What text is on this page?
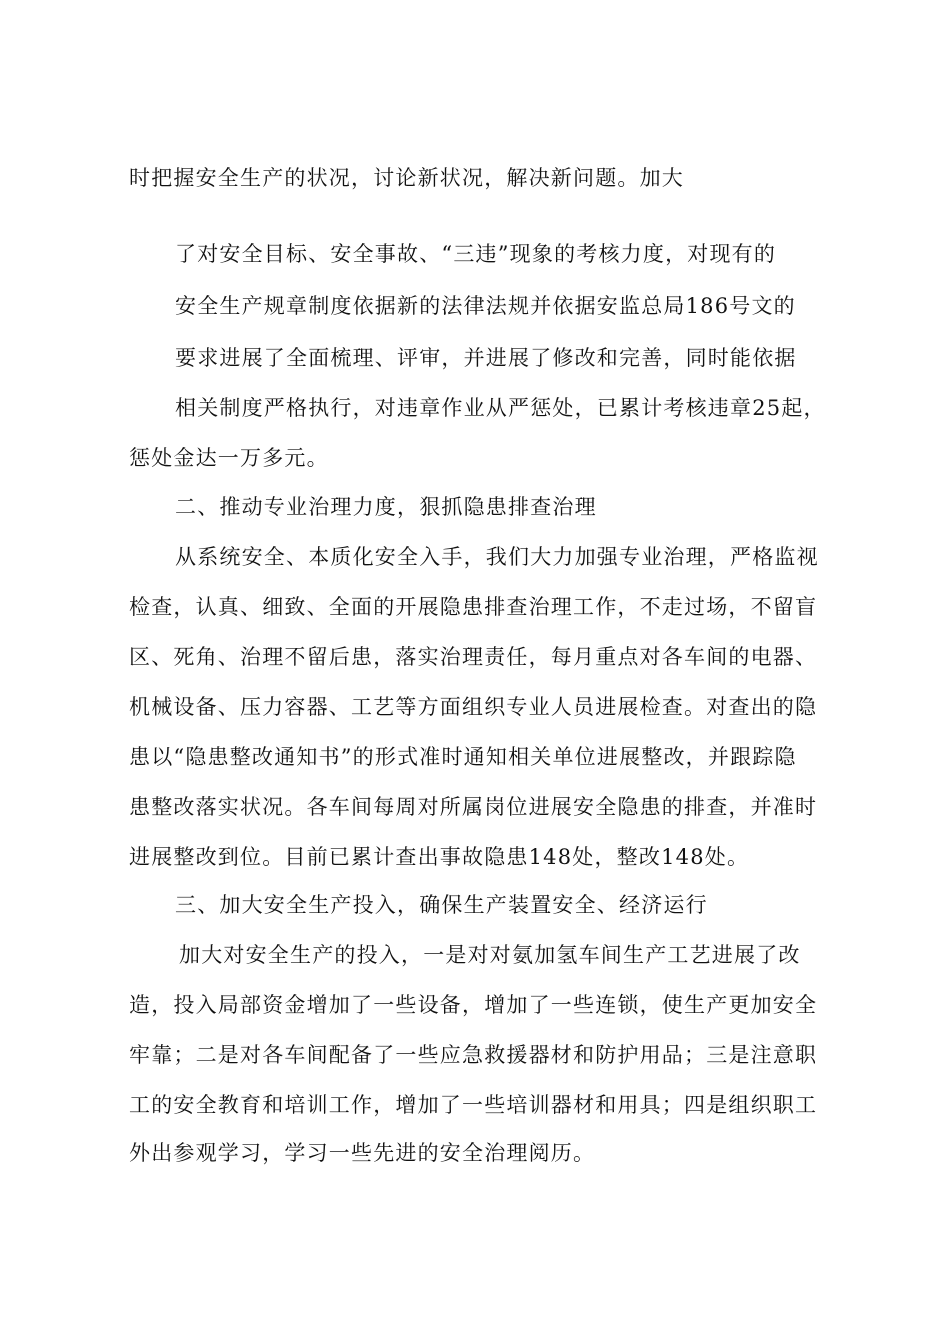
时把握安全生产的状况，讨论新状况，解决新问题。加大
了对安全目标、安全事故、“三违”现象的考核力度，对现有的
安全生产规章制度依据新的法律法规并依据安监总局186号文的
要求进展了全面梳理、评审，并进展了修改和完善，同时能依据
相关制度严格执行，对违章作业从严惩处，已累计考核违章25起，
惩处金达一万多元。
二、推动专业治理力度，狠抓隐患排查治理
从系统安全、本质化安全入手，我们大力加强专业治理，严格监视
检查，认真、细致、全面的开展隐患排查治理工作，不走过场，不留盲
区、死角、治理不留后患，落实治理责任，每月重点对各车间的电器、
机械设备、压力容器、工艺等方面组织专业人员进展检查。对查出的隐
患以“隐患整改通知书”的形式准时通知相关单位进展整改，并跟踪隐
患整改落实状况。各车间每周对所属岗位进展安全隐患的排查，并准时
进展整改到位。目前已累计查出事故隐患148处，整改148处。
三、加大安全生产投入，确保生产装置安全、经济运行
加大对安全生产的投入，一是对对氨加氢车间生产工艺进展了改
造，投入局部资金增加了一些设备，增加了一些连锁，使生产更加安全
牢靠；二是对各车间配备了一些应急救援器材和防护用品；三是注意职
工的安全教育和培训工作，增加了一些培训器材和用具；四是组织职工
外出参观学习，学习一些先进的安全治理阅历。
